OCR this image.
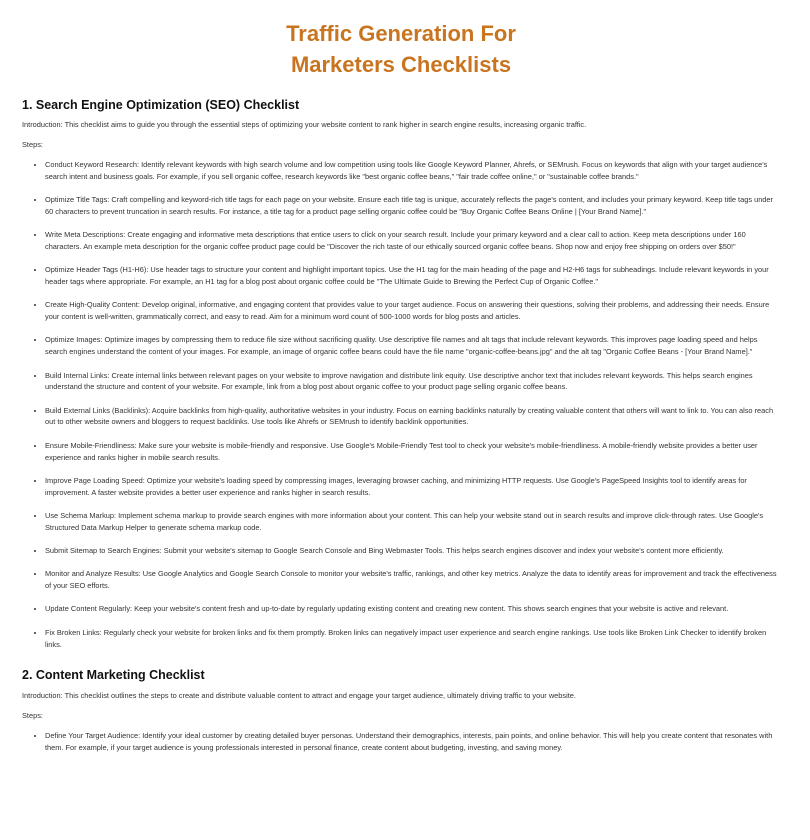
Traffic Generation For
Marketers Checklists
1. Search Engine Optimization (SEO) Checklist

Introduction: This checklist aims to guide you through the essential steps of optimizing your website content to rank higher in search engine results, increasing organic traffic.

Steps:

• Conduct Keyword Research: Identify relevant keywords with high search volume and low competition using tools like Google Keyword Planner, Ahrefs, or SEMrush. Focus on keywords that align with your target audience's search intent and business goals. For example, if you sell organic coffee, research keywords like "best organic coffee beans," "fair trade coffee online," or "sustainable coffee brands."
• Optimize Title Tags: Craft compelling and keyword-rich title tags for each page on your website. Ensure each title tag is unique, accurately reflects the page's content, and includes your primary keyword. Keep title tags under 60 characters to prevent truncation in search results. For instance, a title tag for a product page selling organic coffee could be "Buy Organic Coffee Beans Online | [Your Brand Name]."
• Write Meta Descriptions: Create engaging and informative meta descriptions that entice users to click on your search result. Include your primary keyword and a clear call to action. Keep meta descriptions under 160 characters. An example meta description for the organic coffee product page could be "Discover the rich taste of our ethically sourced organic coffee beans. Shop now and enjoy free shipping on orders over $50!"
• Optimize Header Tags (H1-H6): Use header tags to structure your content and highlight important topics. Use the H1 tag for the main heading of the page and H2-H6 tags for subheadings. Include relevant keywords in your header tags where appropriate. For example, an H1 tag for a blog post about organic coffee could be "The Ultimate Guide to Brewing the Perfect Cup of Organic Coffee."
• Create High-Quality Content: Develop original, informative, and engaging content that provides value to your target audience. Focus on answering their questions, solving their problems, and addressing their needs. Ensure your content is well-written, grammatically correct, and easy to read. Aim for a minimum word count of 500-1000 words for blog posts and articles.
• Optimize Images: Optimize images by compressing them to reduce file size without sacrificing quality. Use descriptive file names and alt tags that include relevant keywords. This improves page loading speed and helps search engines understand the content of your images. For example, an image of organic coffee beans could have the file name "organic-coffee-beans.jpg" and the alt tag "Organic Coffee Beans - [Your Brand Name]."
• Build Internal Links: Create internal links between relevant pages on your website to improve navigation and distribute link equity. Use descriptive anchor text that includes relevant keywords. This helps search engines understand the structure and content of your website. For example, link from a blog post about organic coffee to your product page selling organic coffee beans.
• Build External Links (Backlinks): Acquire backlinks from high-quality, authoritative websites in your industry. Focus on earning backlinks naturally by creating valuable content that others will want to link to. You can also reach out to other website owners and bloggers to request backlinks. Use tools like Ahrefs or SEMrush to identify backlink opportunities.
• Ensure Mobile-Friendliness: Make sure your website is mobile-friendly and responsive. Use Google's Mobile-Friendly Test tool to check your website's mobile-friendliness. A mobile-friendly website provides a better user experience and ranks higher in mobile search results.
• Improve Page Loading Speed: Optimize your website's loading speed by compressing images, leveraging browser caching, and minimizing HTTP requests. Use Google's PageSpeed Insights tool to identify areas for improvement. A faster website provides a better user experience and ranks higher in search results.
• Use Schema Markup: Implement schema markup to provide search engines with more information about your content. This can help your website stand out in search results and improve click-through rates. Use Google's Structured Data Markup Helper to generate schema markup code.
• Submit Sitemap to Search Engines: Submit your website's sitemap to Google Search Console and Bing Webmaster Tools. This helps search engines discover and index your website's content more efficiently.
• Monitor and Analyze Results: Use Google Analytics and Google Search Console to monitor your website's traffic, rankings, and other key metrics. Analyze the data to identify areas for improvement and track the effectiveness of your SEO efforts.
• Update Content Regularly: Keep your website's content fresh and up-to-date by regularly updating existing content and creating new content. This shows search engines that your website is active and relevant.
• Fix Broken Links: Regularly check your website for broken links and fix them promptly. Broken links can negatively impact user experience and search engine rankings. Use tools like Broken Link Checker to identify broken links.
2. Content Marketing Checklist

Introduction: This checklist outlines the steps to create and distribute valuable content to attract and engage your target audience, ultimately driving traffic to your website.

Steps:

• Define Your Target Audience: Identify your ideal customer by creating detailed buyer personas. Understand their demographics, interests, pain points, and online behavior. This will help you create content that resonates with them. For example, if your target audience is young professionals interested in personal finance, create content about budgeting, investing, and saving money.
